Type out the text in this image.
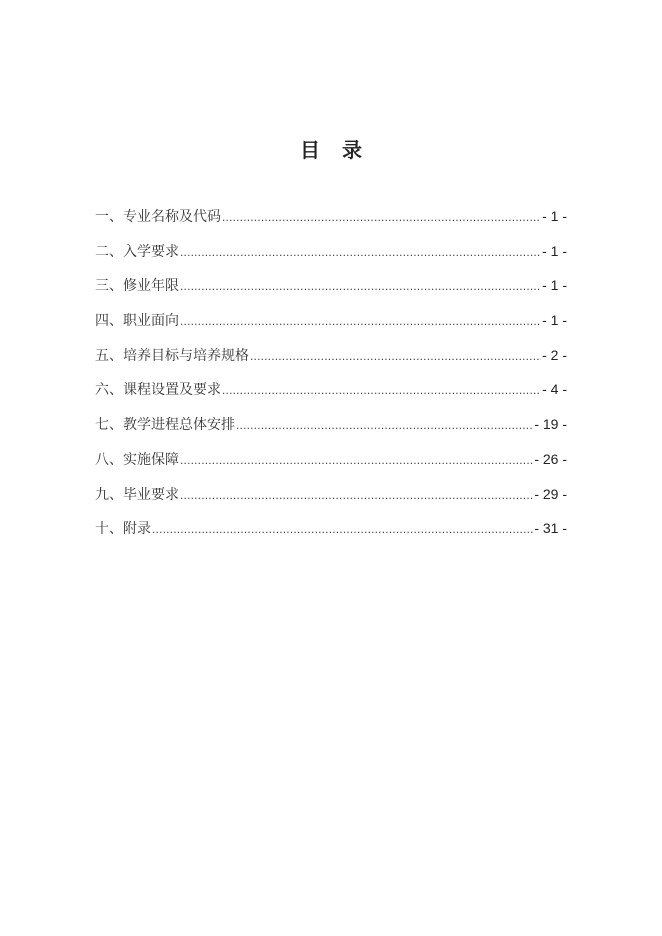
目 录
一、专业名称及代码 .....	- 1 -
二、入学要求 .....	- 1 -
三、修业年限 .....	- 1 -
四、职业面向 .....	- 1 -
五、培养目标与培养规格 .....	- 2 -
六、课程设置及要求 .....	- 4 -
七、教学进程总体安排 .....	- 19 -
八、实施保障 .....	- 26 -
九、毕业要求 .....	- 29 -
十、附录 .....	- 31 -
